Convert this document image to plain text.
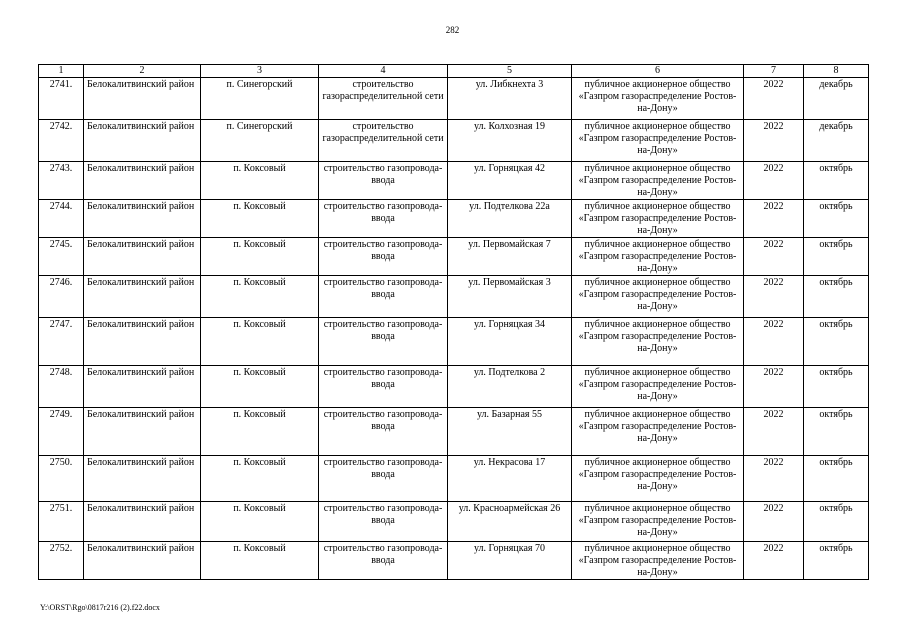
282
1	2	3	4	5	6	7	8
2741.	Белокалитвинский район	п. Синегорский	строительство газораспределительной сети	ул. Либкнехта 3	публичное акционерное общество «Газпром газораспределение Ростов-на-Дону»	2022	декабрь
2742.	Белокалитвинский район	п. Синегорский	строительство газораспределительной сети	ул. Колхозная 19	публичное акционерное общество «Газпром газораспределение Ростов-на-Дону»	2022	декабрь
2743.	Белокалитвинский район	п. Коксовый	строительство газопровода-ввода	ул. Горняцкая 42	публичное акционерное общество «Газпром газораспределение Ростов-на-Дону»	2022	октябрь
2744.	Белокалитвинский район	п. Коксовый	строительство газопровода-ввода	ул. Подтелкова 22а	публичное акционерное общество «Газпром газораспределение Ростов-на-Дону»	2022	октябрь
2745.	Белокалитвинский район	п. Коксовый	строительство газопровода-ввода	ул. Первомайская 7	публичное акционерное общество «Газпром газораспределение Ростов-на-Дону»	2022	октябрь
2746.	Белокалитвинский район	п. Коксовый	строительство газопровода-ввода	ул. Первомайская 3	публичное акционерное общество «Газпром газораспределение Ростов-на-Дону»	2022	октябрь
2747.	Белокалитвинский район	п. Коксовый	строительство газопровода-ввода	ул. Горняцкая 34	публичное акционерное общество «Газпром газораспределение Ростов-на-Дону»	2022	октябрь
2748.	Белокалитвинский район	п. Коксовый	строительство газопровода-ввода	ул. Подтелкова 2	публичное акционерное общество «Газпром газораспределение Ростов-на-Дону»	2022	октябрь
2749.	Белокалитвинский район	п. Коксовый	строительство газопровода-ввода	ул. Базарная 55	публичное акционерное общество «Газпром газораспределение Ростов-на-Дону»	2022	октябрь
2750.	Белокалитвинский район	п. Коксовый	строительство газопровода-ввода	ул. Некрасова 17	публичное акционерное общество «Газпром газораспределение Ростов-на-Дону»	2022	октябрь
2751.	Белокалитвинский район	п. Коксовый	строительство газопровода-ввода	ул. Красноармейская 26	публичное акционерное общество «Газпром газораспределение Ростов-на-Дону»	2022	октябрь
2752.	Белокалитвинский район	п. Коксовый	строительство газопровода-ввода	ул. Горняцкая 70	публичное акционерное общество «Газпром газораспределение Ростов-на-Дону»	2022	октябрь
Y:\ORST\Rgo\0817r216 (2).f22.docx
